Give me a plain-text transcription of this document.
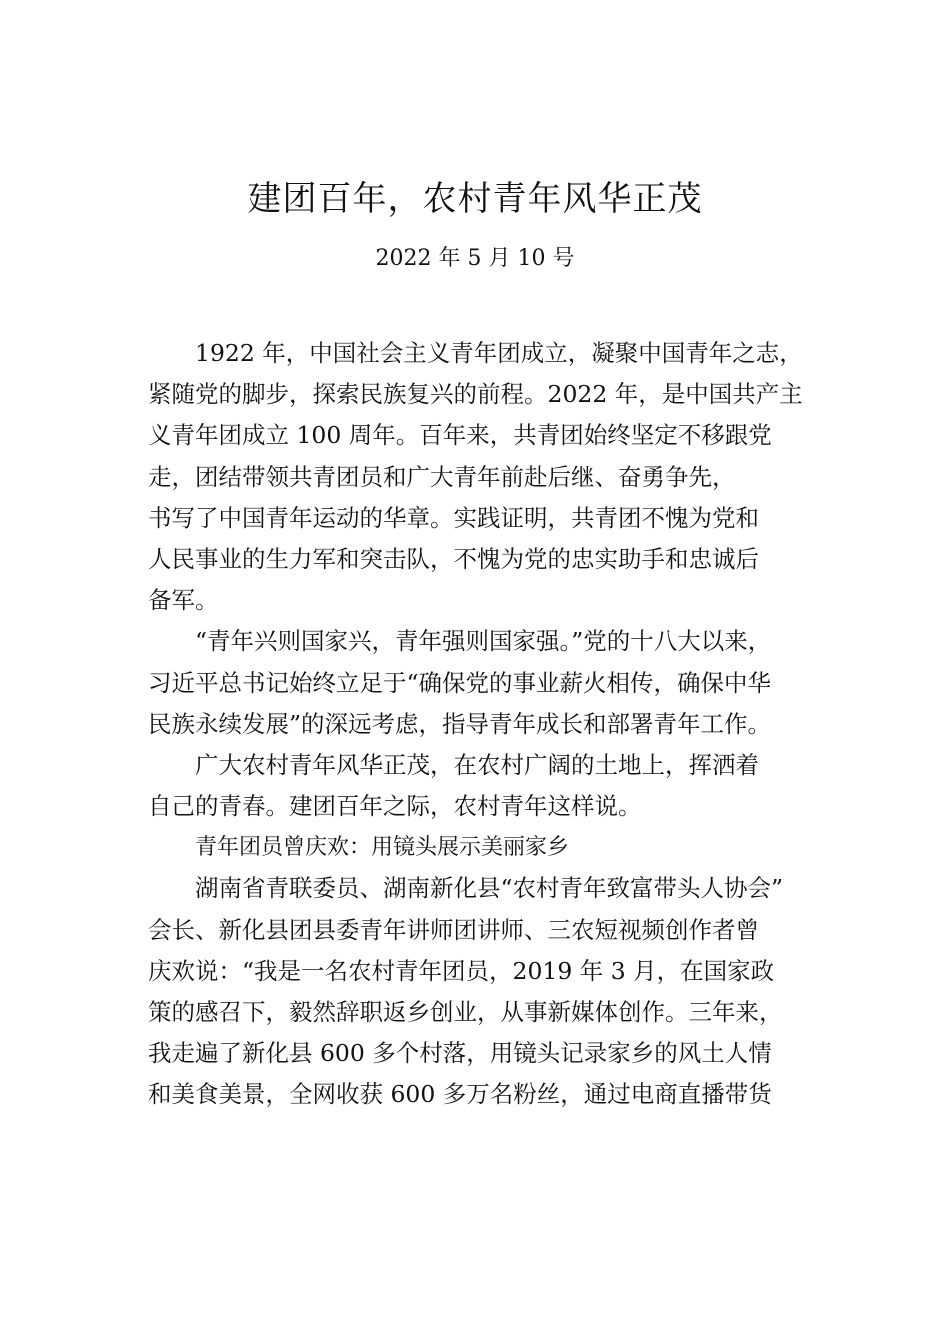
建团百年，农村青年风华正茂
2022 年 5 月 10 号
1922 年，中国社会主义青年团成立，凝聚中国青年之志，
紧随党的脚步，探索民族复兴的前程。2022 年，是中国共产主
义青年团成立 100 周年。百年来，共青团始终坚定不移跟党
走，团结带领共青团员和广大青年前赴后继、奋勇争先，
书写了中国青年运动的华章。实践证明，共青团不愧为党和
人民事业的生力军和突击队，不愧为党的忠实助手和忠诚后
备军。
“青年兴则国家兴，青年强则国家强。”党的十八大以来，
习近平总书记始终立足于“确保党的事业薪火相传，确保中华
民族永续发展”的深远考虑，指导青年成长和部署青年工作。
广大农村青年风华正茂，在农村广阔的土地上，挥洒着
自己的青春。建团百年之际，农村青年这样说。
青年团员曾庆欢：用镜头展示美丽家乡
湖南省青联委员、湖南新化县“农村青年致富带头人协会”
会长、新化县团县委青年讲师团讲师、三农短视频创作者曾
庆欢说：“我是一名农村青年团员，2019 年 3 月，在国家政
策的感召下，毅然辞职返乡创业，从事新媒体创作。三年来，
我走遍了新化县 600 多个村落，用镜头记录家乡的风土人情
和美食美景，全网收获 600 多万名粉丝，通过电商直播带货
